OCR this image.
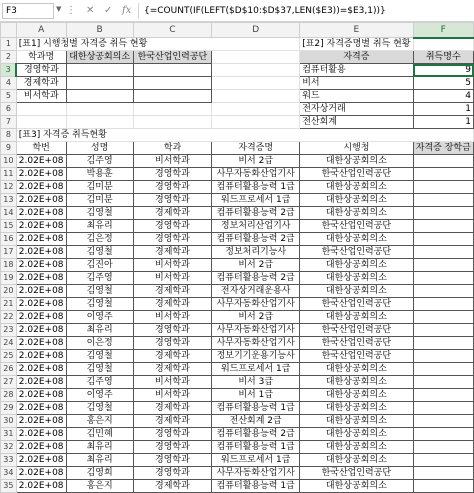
F3	▼ ⋮ ✕ ✓ fx {=COUNT(IF(LEFT($D$10:$D$37,LEN($E3))=$E3,1))}
	A	B	C	D	E	F
1	[표1] 시행청별 자격증 취득 현황				[표2] 자격증명별 취득 현황	
2	학과명	대한상공회의소	한국산업인력공단		자격증	취득명수
3	경영학과				컴퓨터활용	9
4	경제학과				비서	5
5	비서학과				워드	4
6					전자상거래	1
7					전산회계	1
8	[표3] 자격증 취득현황					
9	학번	성명	학과	자격증명	시행청	자격증 장학금
10	2.02E+08	김주영	비서학과	비서 2급	대한상공회의소	
11	2.02E+08	박용훈	경영학과	사무자동화산업기사	한국산업인력공단	
12	2.02E+08	김미분	경영학과	컴퓨터활용능력 1급	대한상공회의소	
13	2.02E+08	김미분	경영학과	워드프로세서 1급	대한상공회의소	
14	2.02E+08	김영철	경제학과	컴퓨터활용능력 2급	대한상공회의소	
15	2.02E+08	최유리	경영학과	정보처리산업기사	한국산업인력공단	
16	2.02E+08	김은정	경영학과	컴퓨터활용능력 2급	대한상공회의소	
17	2.02E+08	김영철	경제학과	정보처리기능사	한국산업인력공단	
18	2.02E+08	김진아	비서학과	비서 2급	대한상공회의소	
19	2.02E+08	김주영	비서학과	컴퓨터활용능력 2급	대한상공회의소	
20	2.02E+08	김영철	경제학과	전자상거래운용사	대한상공회의소	
21	2.02E+08	김영철	경제학과	사무자동화산업기사	한국산업인력공단	
22	2.02E+08	이영주	비서학과	비서 2급	대한상공회의소	
23	2.02E+08	최유리	경영학과	사무자동화산업기사	한국산업인력공단	
24	2.02E+08	이은정	경영학과	사무자동화산업기사	한국산업인력공단	
25	2.02E+08	김영철	경제학과	정보기기운용기능사	한국산업인력공단	
26	2.02E+08	김영철	경제학과	워드프로세서 1급	대한상공회의소	
27	2.02E+08	김주영	비서학과	비서 3급	대한상공회의소	
28	2.02E+08	이영주	비서학과	비서 1급	대한상공회의소	
29	2.02E+08	김영철	경제학과	컴퓨터활용능력 1급	대한상공회의소	
30	2.02E+08	홍은지	경제학과	전산회계 2급	대한상공회의소	
31	2.02E+08	김민혜	경영학과	컴퓨터활용능력 2급	대한상공회의소	
32	2.02E+08	최유리	경영학과	컴퓨터활용능력 1급	대한상공회의소	
33	2.02E+08	최유리	경영학과	워드프로세서 1급	대한상공회의소	
34	2.02E+08	김영희	경영학과	사무자동화산업기사	한국산업인력공단	
35	2.02E+08	홍은지	경제학과	컴퓨터활용능력 1급	대한상공회의소	
